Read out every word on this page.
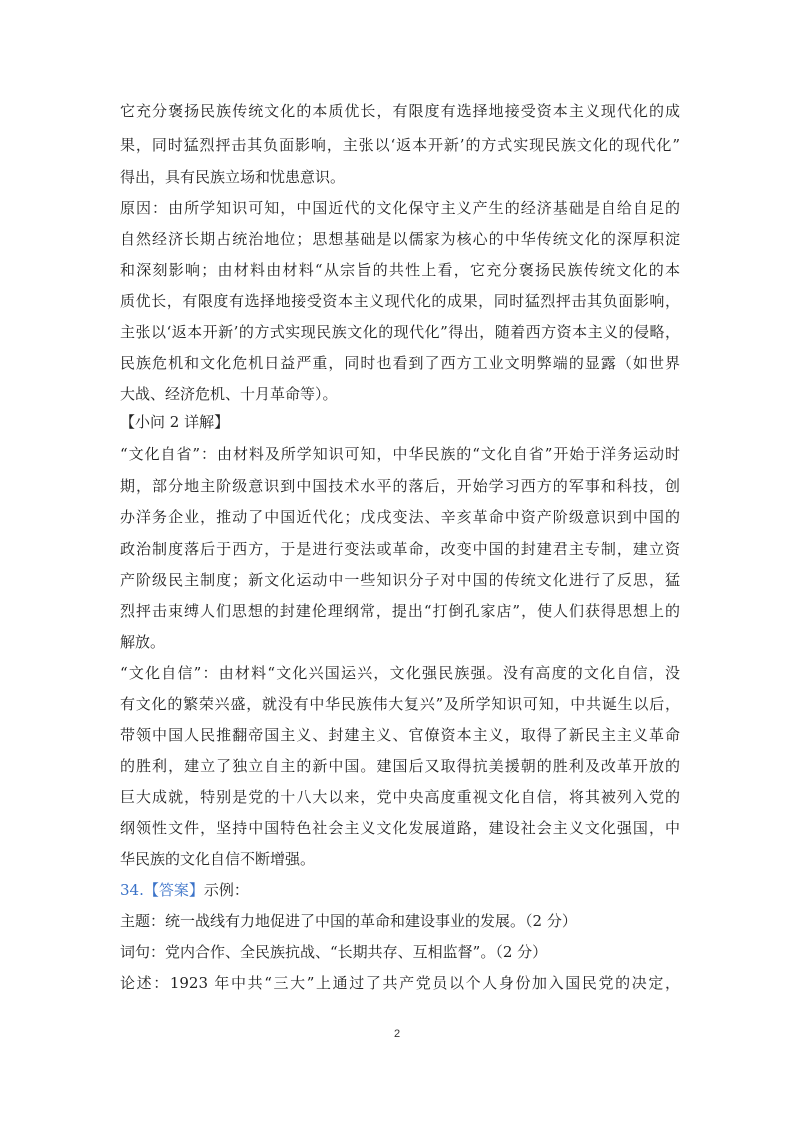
它充分褒扬民族传统文化的本质优长，有限度有选择地接受资本主义现代化的成
果，同时猛烈抨击其负面影响，主张以‘返本开新’的方式实现民族文化的现代化”
得出，具有民族立场和忧患意识。
原因：由所学知识可知，中国近代的文化保守主义产生的经济基础是自给自足的
自然经济长期占统治地位；思想基础是以儒家为核心的中华传统文化的深厚积淀
和深刻影响；由材料由材料“从宗旨的共性上看，它充分褒扬民族传统文化的本
质优长，有限度有选择地接受资本主义现代化的成果，同时猛烈抨击其负面影响，
主张以‘返本开新’的方式实现民族文化的现代化”得出，随着西方资本主义的侵略，
民族危机和文化危机日益严重，同时也看到了西方工业文明弊端的显露（如世界
大战、经济危机、十月革命等）。
【小问 2 详解】
“文化自省”：由材料及所学知识可知，中华民族的“文化自省”开始于洋务运动时
期，部分地主阶级意识到中国技术水平的落后，开始学习西方的军事和科技，创
办洋务企业，推动了中国近代化；戊戌变法、辛亥革命中资产阶级意识到中国的
政治制度落后于西方，于是进行变法或革命，改变中国的封建君主专制，建立资
产阶级民主制度；新文化运动中一些知识分子对中国的传统文化进行了反思，猛
烈抨击束缚人们思想的封建伦理纲常，提出“打倒孔家店”，使人们获得思想上的
解放。
“文化自信”：由材料“文化兴国运兴，文化强民族强。没有高度的文化自信，没
有文化的繁荣兴盛，就没有中华民族伟大复兴”及所学知识可知，中共诞生以后，
带领中国人民推翻帝国主义、封建主义、官僚资本主义，取得了新民主主义革命
的胜利，建立了独立自主的新中国。建国后又取得抗美援朝的胜利及改革开放的
巨大成就，特别是党的十八大以来，党中央高度重视文化自信，将其被列入党的
纲领性文件，坚持中国特色社会主义文化发展道路，建设社会主义文化强国，中
华民族的文化自信不断增强。
34.【答案】示例：
主题：统一战线有力地促进了中国的革命和建设事业的发展。（2 分）
词句：党内合作、全民族抗战、“长期共存、互相监督”。（2 分）
论述：1923 年中共“三大”上通过了共产党员以个人身份加入国民党的决定，
2
